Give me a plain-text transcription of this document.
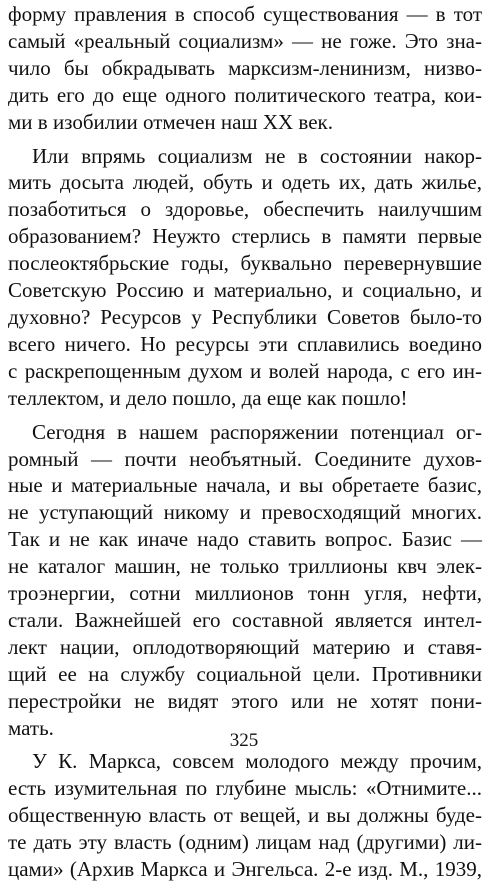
форму правления в способ существования — в тот
самый «реальный социализм» — не гоже. Это зна-
чило бы обкрадывать марксизм-ленинизм, низво-
дить его до еще одного политического театра, кои-
ми в изобилии отмечен наш XX век.
Или впрямь социализм не в состоянии накор-
мить досыта людей, обуть и одеть их, дать жилье,
позаботиться о здоровье, обеспечить наилучшим
образованием? Неужто стерлись в памяти первые
послеоктябрьские годы, буквально перевернувшие
Советскую Россию и материально, и социально, и
духовно? Ресурсов у Республики Советов было-то
всего ничего. Но ресурсы эти сплавились воедино
с раскрепощенным духом и волей народа, с его ин-
теллектом, и дело пошло, да еще как пошло!
Сегодня в нашем распоряжении потенциал ог-
ромный — почти необъятный. Соедините духов-
ные и материальные начала, и вы обретаете базис,
не уступающий никому и превосходящий многих.
Так и не как иначе надо ставить вопрос. Базис —
не каталог машин, не только триллионы квч элек-
троэнергии, сотни миллионов тонн угля, нефти,
стали. Важнейшей его составной является интел-
лект нации, оплодотворяющий материю и ставя-
щий ее на службу социальной цели. Противники
перестройки не видят этого или не хотят пони-
мать.
У К. Маркса, совсем молодого между прочим,
есть изумительная по глубине мысль: «Отнимите...
общественную власть от вещей, и вы должны буде-
те дать эту власть (одним) лицам над (другими) ли-
цами» (Архив Маркса и Энгельса. 2-е изд. М., 1939,
325
